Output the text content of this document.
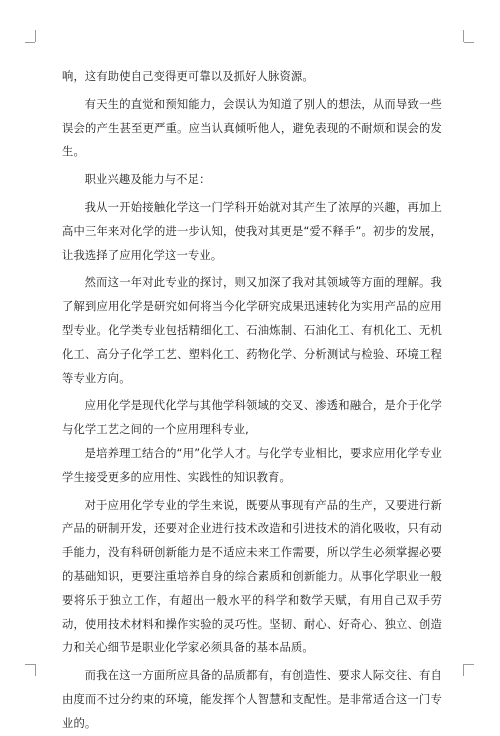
响，这有助使自己变得更可靠以及抓好人脉资源。

有天生的直觉和预知能力，会误认为知道了别人的想法，从而导致一些误会的产生甚至更严重。应当认真倾听他人，避免表现的不耐烦和误会的发生。

职业兴趣及能力与不足：

我从一开始接触化学这一门学科开始就对其产生了浓厚的兴趣，再加上高中三年来对化学的进一步认知，使我对其更是“爱不释手”。初步的发展，让我选择了应用化学这一专业。

然而这一年对此专业的探讨，则又加深了我对其领域等方面的理解。我了解到应用化学是研究如何将当今化学研究成果迅速转化为实用产品的应用型专业。化学类专业包括精细化工、石油炼制、石油化工、有机化工、无机化工、高分子化学工艺、塑料化工、药物化学、分析测试与检验、环境工程等专业方向。

应用化学是现代化学与其他学科领域的交叉、渗透和融合，是介于化学与化学工艺之间的一个应用理科专业,

是培养理工结合的“用”化学人才。与化学专业相比，要求应用化学专业学生接受更多的应用性、实践性的知识教育。

对于应用化学专业的学生来说，既要从事现有产品的生产，又要进行新产品的研制开发，还要对企业进行技术改造和引进技术的消化吸收，只有动手能力，没有科研创新能力是不适应未来工作需要，所以学生必须掌握必要的基础知识，更要注重培养自身的综合素质和创新能力。从事化学职业一般要将乐于独立工作，有超出一般水平的科学和数学天赋，有用自己双手劳动，使用技术材料和操作实验的灵巧性。坚韧、耐心、好奇心、独立、创造力和关心细节是职业化学家必须具备的基本品质。

而我在这一方面所应具备的品质都有，有创造性、要求人际交往、有自由度而不过分约束的环境，能发挥个人智慧和支配性。是非常适合这一门专业的。
